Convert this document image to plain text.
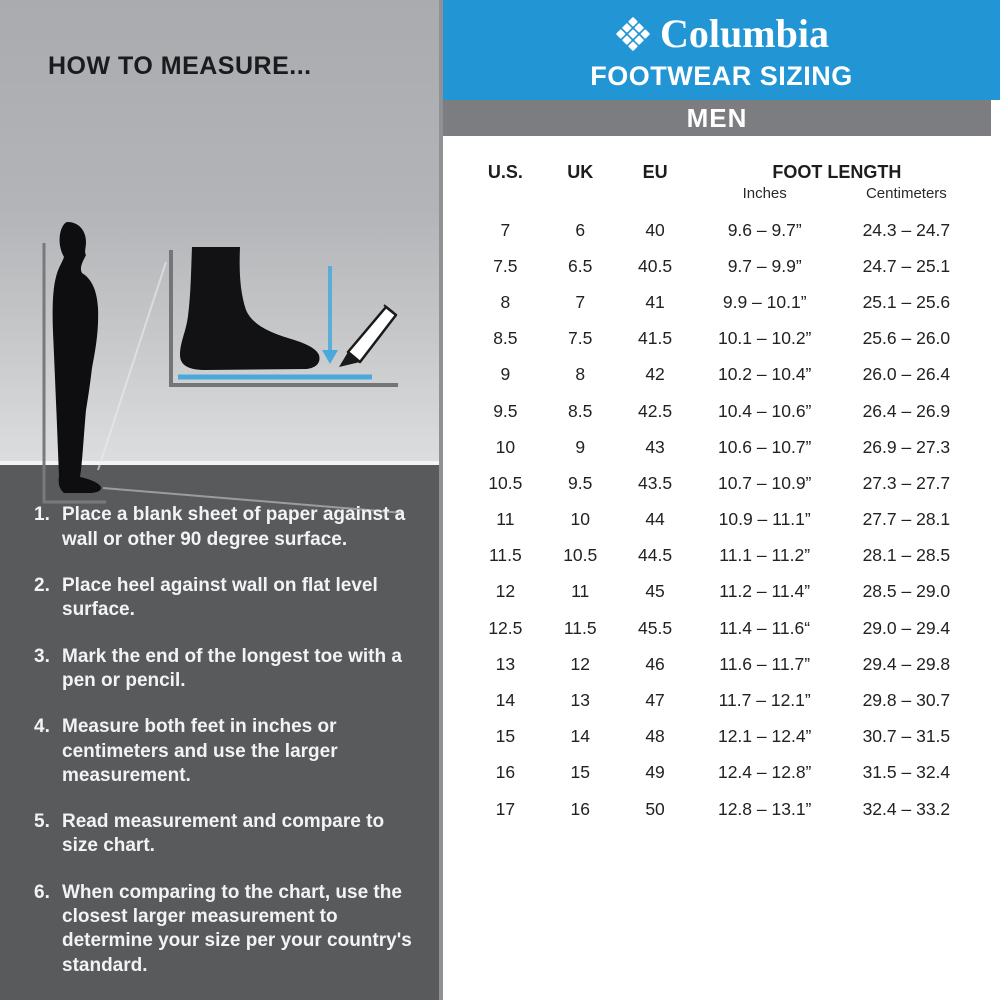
HOW TO MEASURE...
1. Place a blank sheet of paper against a wall or other 90 degree surface.
2. Place heel against wall on flat level surface.
3. Mark the end of the longest toe with a pen or pencil.
4. Measure both feet in inches or centimeters and use the larger measurement.
5. Read measurement and compare to size chart.
6. When comparing to the chart, use the closest larger measurement to determine your size per your country's standard.
Columbia
FOOTWEAR SIZING
MEN
U.S.	UK	EU	FOOT LENGTH
Inches	Centimeters
7	6	40	9.6 – 9.7”	24.3 – 24.7
7.5	6.5	40.5	9.7 – 9.9”	24.7 – 25.1
8	7	41	9.9 – 10.1”	25.1 – 25.6
8.5	7.5	41.5	10.1 – 10.2”	25.6 – 26.0
9	8	42	10.2 – 10.4”	26.0 – 26.4
9.5	8.5	42.5	10.4 – 10.6”	26.4 – 26.9
10	9	43	10.6 – 10.7”	26.9 – 27.3
10.5	9.5	43.5	10.7 – 10.9”	27.3 – 27.7
11	10	44	10.9 – 11.1”	27.7 – 28.1
11.5	10.5	44.5	11.1 – 11.2”	28.1 – 28.5
12	11	45	11.2 – 11.4”	28.5 – 29.0
12.5	11.5	45.5	11.4 – 11.6“	29.0 – 29.4
13	12	46	11.6 – 11.7”	29.4 – 29.8
14	13	47	11.7 – 12.1”	29.8 – 30.7
15	14	48	12.1 – 12.4”	30.7 – 31.5
16	15	49	12.4 – 12.8”	31.5 – 32.4
17	16	50	12.8 – 13.1”	32.4 – 33.2
